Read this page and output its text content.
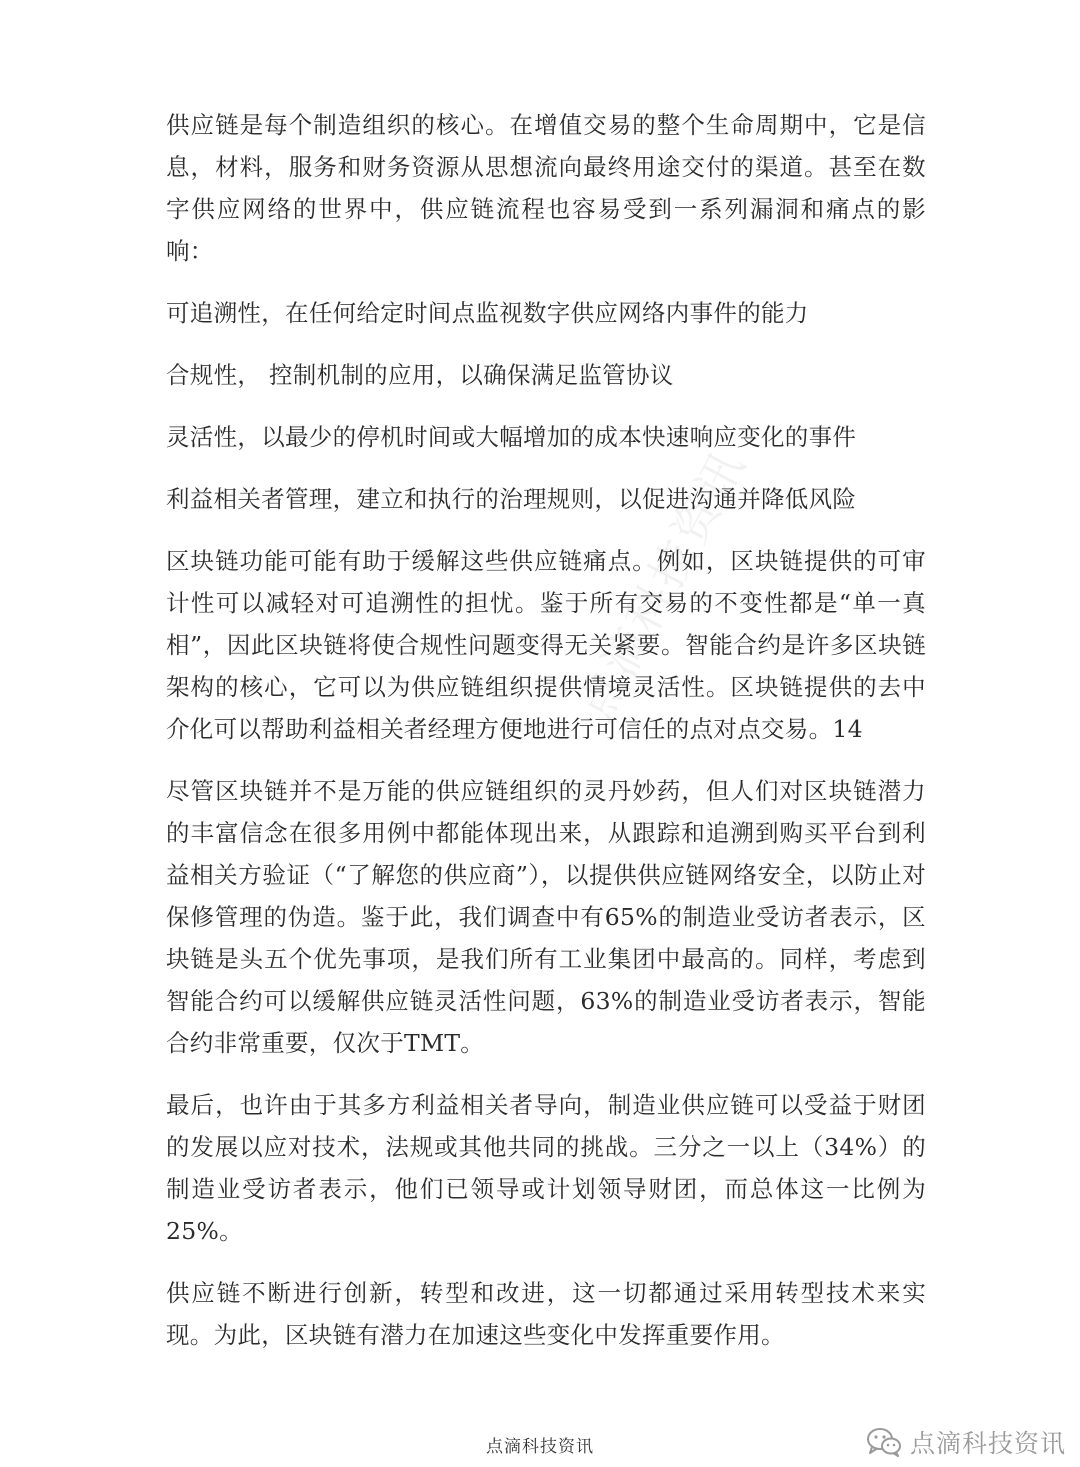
点滴科技资讯

供应链是每个制造组织的核心。在增值交易的整个生命周期中，它是信息，材料，服务和财务资源从思想流向最终用途交付的渠道。甚至在数字供应网络的世界中，供应链流程也容易受到一系列漏洞和痛点的影响：

可追溯性，在任何给定时间点监视数字供应网络内事件的能力

合规性， 控制机制的应用，以确保满足监管协议

灵活性，以最少的停机时间或大幅增加的成本快速响应变化的事件

利益相关者管理，建立和执行的治理规则，以促进沟通并降低风险

区块链功能可能有助于缓解这些供应链痛点。例如，区块链提供的可审计性可以减轻对可追溯性的担忧。鉴于所有交易的不变性都是“单一真相”，因此区块链将使合规性问题变得无关紧要。智能合约是许多区块链架构的核心，它可以为供应链组织提供情境灵活性。区块链提供的去中介化可以帮助利益相关者经理方便地进行可信任的点对点交易。14

尽管区块链并不是万能的供应链组织的灵丹妙药，但人们对区块链潜力的丰富信念在很多用例中都能体现出来，从跟踪和追溯到购买平台到利益相关方验证（“了解您的供应商”），以提供供应链网络安全，以防止对保修管理的伪造。鉴于此，我们调查中有65%的制造业受访者表示，区块链是头五个优先事项，是我们所有工业集团中最高的。同样，考虑到智能合约可以缓解供应链灵活性问题，63%的制造业受访者表示，智能合约非常重要，仅次于TMT。

最后，也许由于其多方利益相关者导向，制造业供应链可以受益于财团的发展以应对技术，法规或其他共同的挑战。三分之一以上（34%）的制造业受访者表示，他们已领导或计划领导财团，而总体这一比例为25%。

供应链不断进行创新，转型和改进，这一切都通过采用转型技术来实现。为此，区块链有潜力在加速这些变化中发挥重要作用。

点滴科技资讯	点滴科技资讯
